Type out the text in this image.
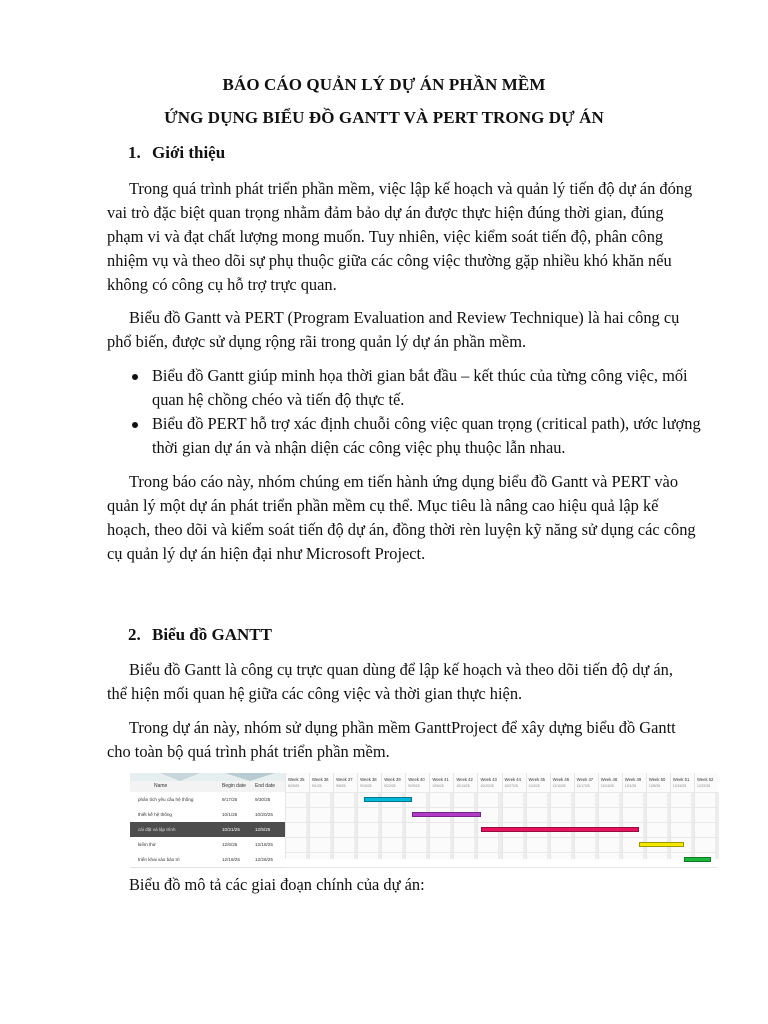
BÁO CÁO QUẢN LÝ DỰ ÁN PHẦN MỀM
ỨNG DỤNG BIỂU ĐỒ GANTT VÀ PERT TRONG DỰ ÁN
1. Giới thiệu

Trong quá trình phát triển phần mềm, việc lập kế hoạch và quản lý tiến độ dự án đóng vai trò đặc biệt quan trọng nhằm đảm bảo dự án được thực hiện đúng thời gian, đúng phạm vi và đạt chất lượng mong muốn. Tuy nhiên, việc kiểm soát tiến độ, phân công nhiệm vụ và theo dõi sự phụ thuộc giữa các công việc thường gặp nhiều khó khăn nếu không có công cụ hỗ trợ trực quan.

Biểu đồ Gantt và PERT (Program Evaluation and Review Technique) là hai công cụ phổ biến, được sử dụng rộng rãi trong quản lý dự án phần mềm.

Biểu đồ Gantt giúp minh họa thời gian bắt đầu – kết thúc của từng công việc, mối quan hệ chồng chéo và tiến độ thực tế.
Biểu đồ PERT hỗ trợ xác định chuỗi công việc quan trọng (critical path), ước lượng thời gian dự án và nhận diện các công việc phụ thuộc lẫn nhau.

Trong báo cáo này, nhóm chúng em tiến hành ứng dụng biểu đồ Gantt và PERT vào quản lý một dự án phát triển phần mềm cụ thể. Mục tiêu là nâng cao hiệu quả lập kế hoạch, theo dõi và kiểm soát tiến độ dự án, đồng thời rèn luyện kỹ năng sử dụng các công cụ quản lý dự án hiện đại như Microsoft Project.

2. Biểu đồ GANTT

Biểu đồ Gantt là công cụ trực quan dùng để lập kế hoạch và theo dõi tiến độ dự án, thể hiện mối quan hệ giữa các công việc và thời gian thực hiện.

Trong dự án này, nhóm sử dụng phần mềm GanttProject để xây dựng biểu đồ Gantt cho toàn bộ quá trình phát triển phần mềm.

Name	Begin date End date
phân tích yêu cầu hệ thống	9/17/25	9/30/25
thiết kế hệ thống	10/1/25	10/20/25
cài đặt và lập trình	10/21/25	12/5/25
kiểm thử	12/6/25	12/18/25
triển khai vào bảo trì	12/19/25	12/26/25
Week 35
8/25/25
Week 36
9/1/25
Week 37
9/8/25
Week 38
9/15/25
Week 39
9/22/25
Week 40
9/29/25
Week 41
10/6/25
Week 42
10/13/25
Week 43
10/20/25
Week 44
10/27/25
Week 45
11/3/25
Week 46
11/10/25
Week 47
11/17/25
Week 48
11/24/25
Week 49
12/1/25
Week 50
12/8/25
Week 51
12/15/25
Week 52
12/22/25

Biểu đồ mô tả các giai đoạn chính của dự án:
